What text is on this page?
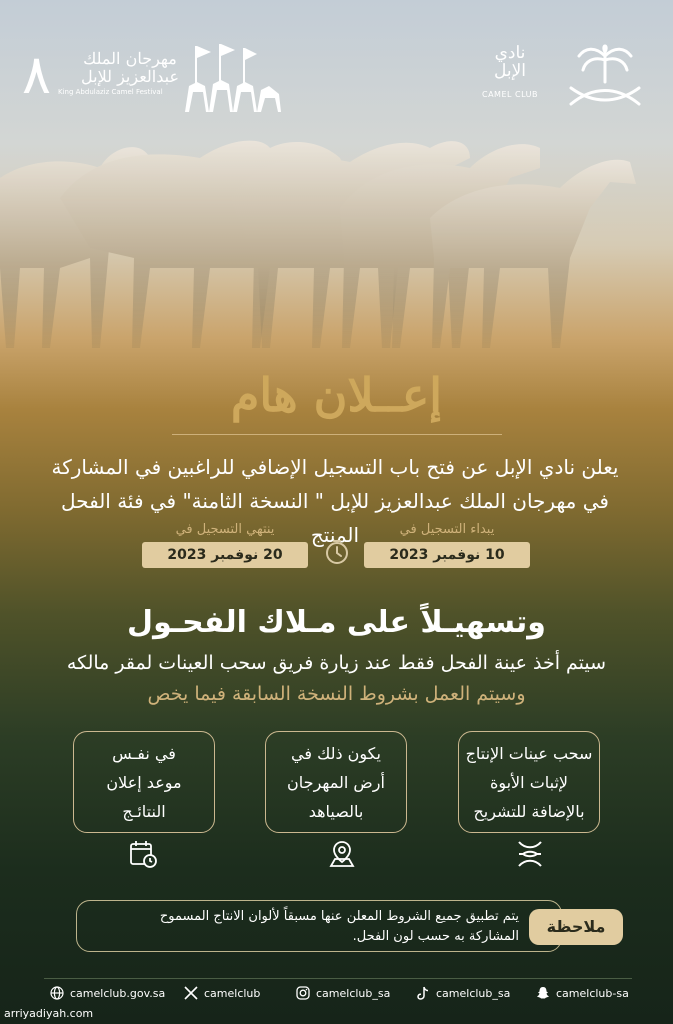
٨	مهرجان الملك عبدالعزيز للإبل
King Abdulaziz Camel Festival
نادي الإبل
CAMEL CLUB
إعــلان هام
يعلن نادي الإبل عن فتح باب التسجيل الإضافي للراغبين في المشاركة
في مهرجان الملك عبدالعزيز للإبل " النسخة الثامنة" في فئة الفحل المنتج
ينتهي التسجيل في
20 نوفمبر 2023
يبداء التسجيل في
10 نوفمبر 2023
وتسهيـلاً على مـلاك الفحـول
سيتم أخذ عينة الفحل فقط عند زيارة فريق سحب العينات لمقر مالكه
وسيتم العمل بشروط النسخة السابقة فيما يخص
سحب عينات الإنتاج
لإثبات الأبوة
بالإضافة للتشريح
يكون ذلك في
أرض المهرجان
بالصياهد
في نفـس
موعد إعلان
النتائـج
يتم تطبيق جميع الشروط المعلن عنها مسبقاً لألوان الانتاج المسموح
المشاركة به حسب لون الفحل.
ملاحظة
camelclub.gov.sa	camelclub	camelclub_sa	camelclub_sa	camelclub-sa
arriyadiyah.com
